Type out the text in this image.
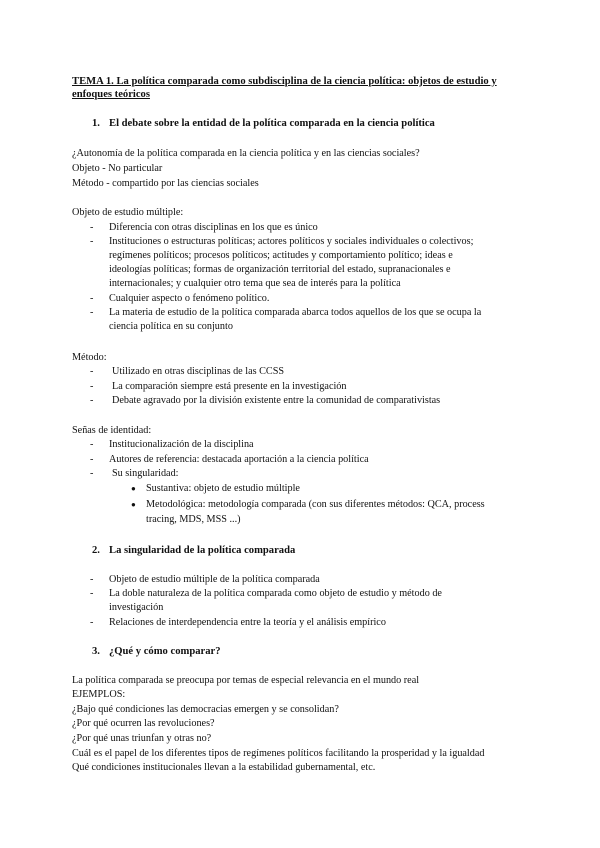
TEMA 1. La política comparada como subdisciplina de la ciencia política: objetos de estudio y
enfoques teóricos
1. El debate sobre la entidad de la política comparada en la ciencia política
¿Autonomía de la política comparada en la ciencia política y en las ciencias sociales?
Objeto - No particular
Método - compartido por las ciencias sociales
Objeto de estudio múltiple:
- Diferencia con otras disciplinas en los que es único
- Instituciones o estructuras políticas; actores políticos y sociales individuales o colectivos;
regímenes políticos; procesos políticos; actitudes y comportamiento político; ideas e
ideologías políticas; formas de organización territorial del estado, supranacionales e
internacionales; y cualquier otro tema que sea de interés para la política
- Cualquier aspecto o fenómeno político.
- La materia de estudio de la política comparada abarca todos aquellos de los que se ocupa la
ciencia política en su conjunto
Método:
- Utilizado en otras disciplinas de las CCSS
- La comparación siempre está presente en la investigación
- Debate agravado por la división existente entre la comunidad de comparativistas
Señas de identidad:
- Institucionalización de la disciplina
- Autores de referencia: destacada aportación a la ciencia política
- Su singularidad:
● Sustantiva: objeto de estudio múltiple
● Metodológica: metodología comparada (con sus diferentes métodos: QCA, process
tracing, MDS, MSS ...)
2. La singularidad de la política comparada
- Objeto de estudio múltiple de la política comparada
- La doble naturaleza de la política comparada como objeto de estudio y método de
investigación
- Relaciones de interdependencia entre la teoría y el análisis empírico
3. ¿Qué y cómo comparar?
La política comparada se preocupa por temas de especial relevancia en el mundo real
EJEMPLOS:
¿Bajo qué condiciones las democracias emergen y se consolidan?
¿Por qué ocurren las revoluciones?
¿Por qué unas triunfan y otras no?
Cuál es el papel de los diferentes tipos de regímenes políticos facilitando la prosperidad y la igualdad
Qué condiciones institucionales llevan a la estabilidad gubernamental, etc.
